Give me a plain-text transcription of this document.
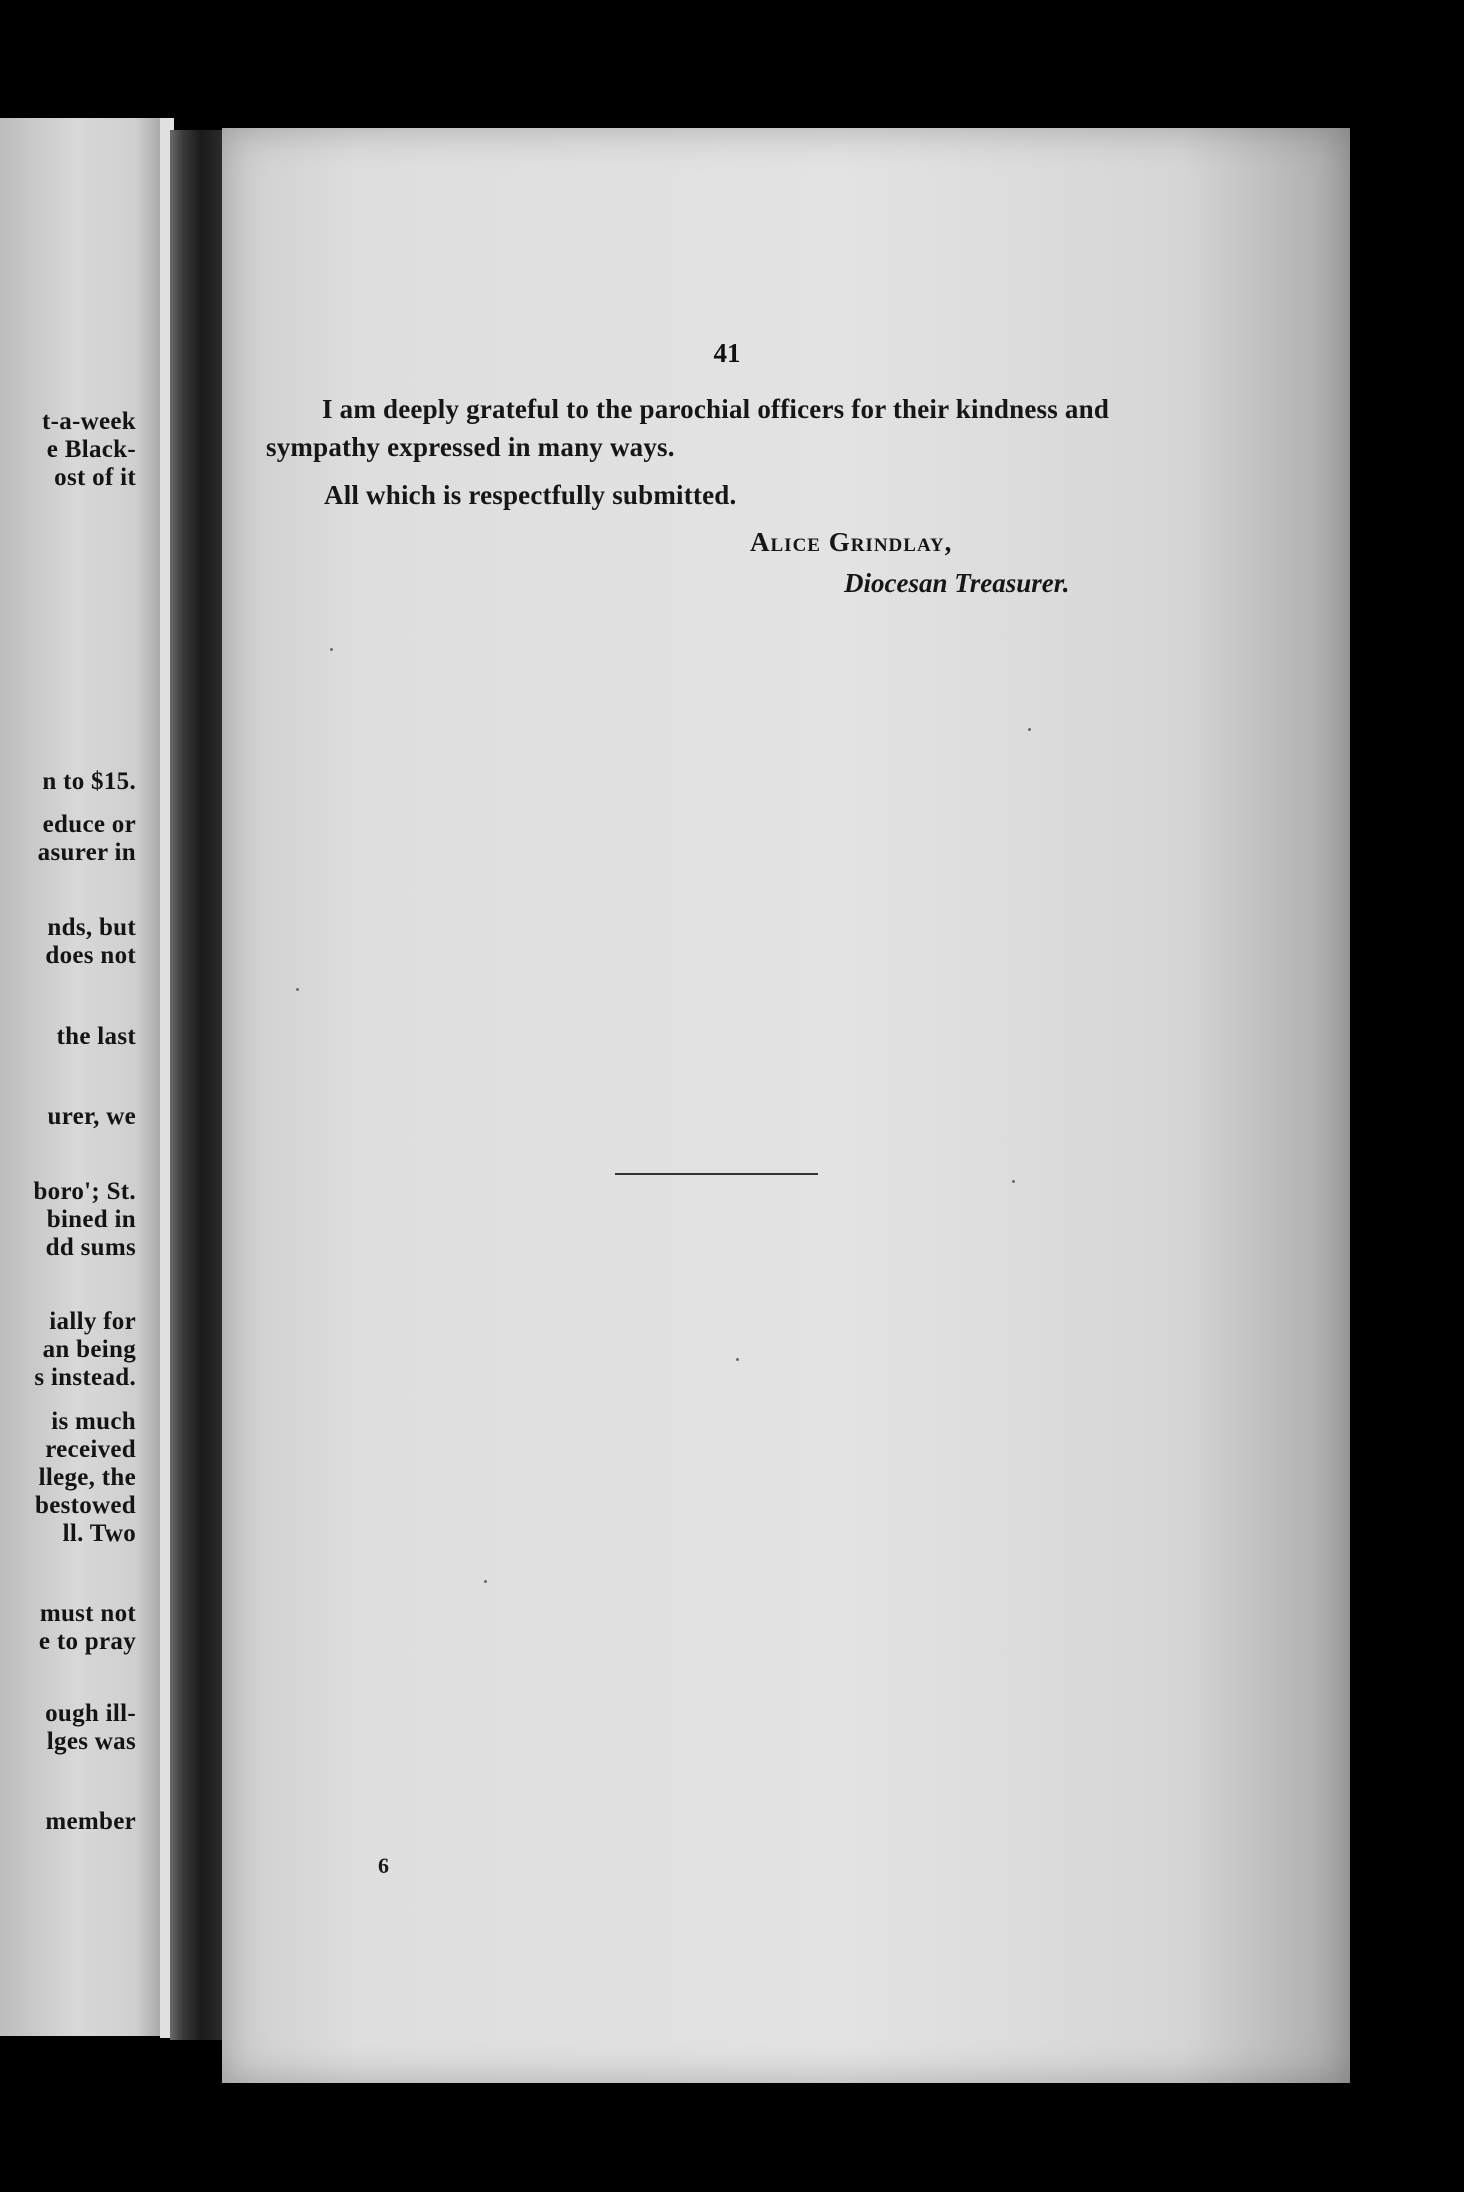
t-a-week
e Black-
ost of it
n to $15.
educe or
asurer in
nds, but
does not
the last
urer, we
boro'; St.
bined in
dd sums
ially for
an being
s instead.
is much
received
llege, the
bestowed
ll. Two
must not
e to pray
ough ill-
lges was
member
41
I am deeply grateful to the parochial officers for their kindness and
sympathy expressed in many ways.
All which is respectfully submitted.
Alice Grindlay,
Diocesan Treasurer.
6
